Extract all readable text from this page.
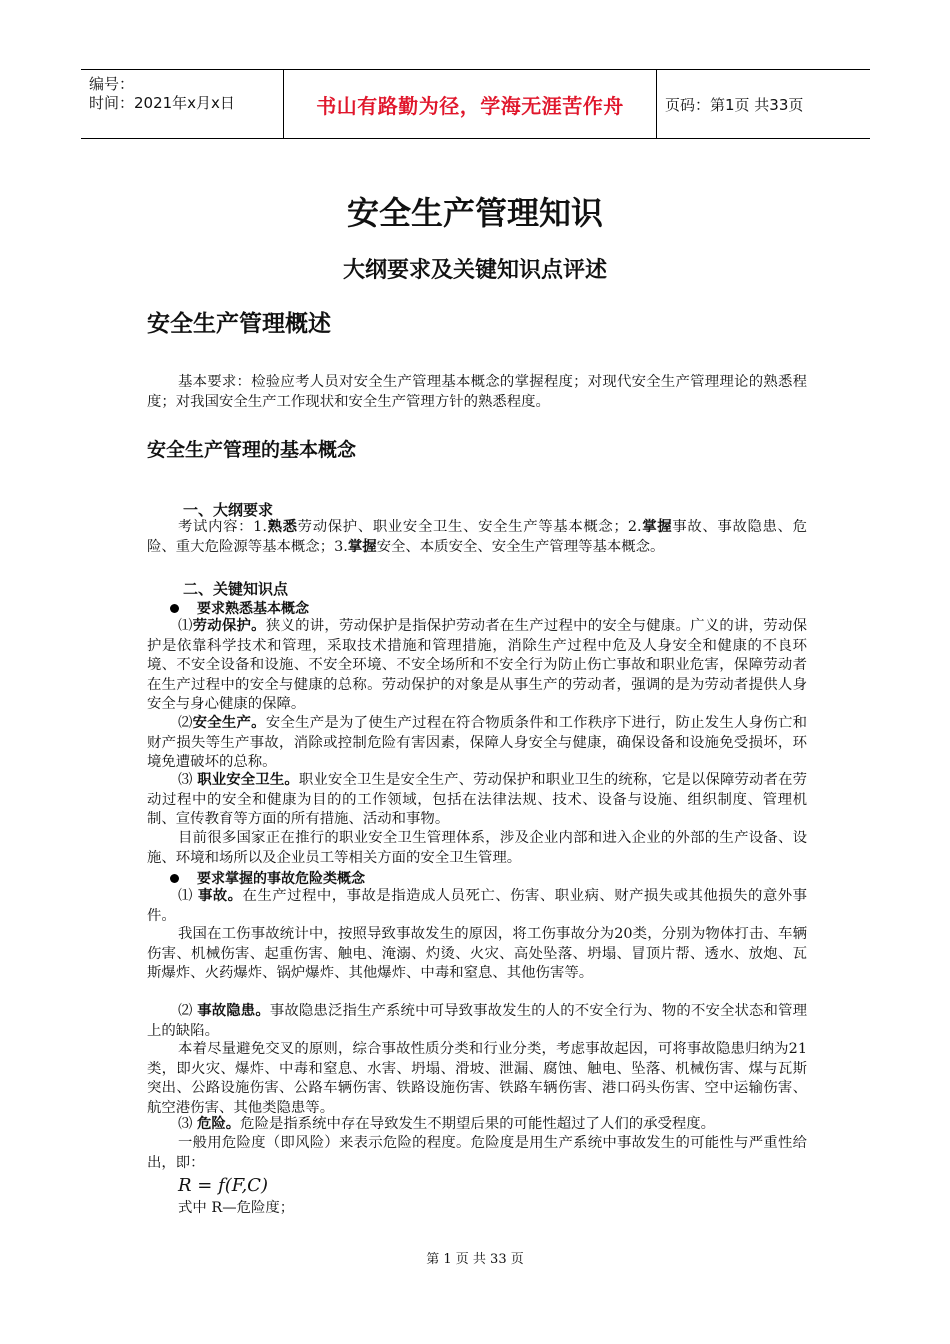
编号：
时间：2021年x月x日	书山有路勤为径，学海无涯苦作舟	页码：第1页 共33页
安全生产管理知识
大纲要求及关键知识点评述
安全生产管理概述

基本要求：检验应考人员对安全生产管理基本概念的掌握程度；对现代安全生产管理理论的熟悉程度；对我国安全生产工作现状和安全生产管理方针的熟悉程度。

安全生产管理的基本概念

一、大纲要求

考试内容：1.熟悉劳动保护、职业安全卫生、安全生产等基本概念；2.掌握事故、事故隐患、危险、重大危险源等基本概念；3.掌握安全、本质安全、安全生产管理等基本概念。

二、关键知识点

要求熟悉基本概念

⑴劳动保护。狭义的讲，劳动保护是指保护劳动者在生产过程中的安全与健康。广义的讲，劳动保护是依靠科学技术和管理，采取技术措施和管理措施，消除生产过程中危及人身安全和健康的不良环境、不安全设备和设施、不安全环境、不安全场所和不安全行为防止伤亡事故和职业危害，保障劳动者在生产过程中的安全与健康的总称。劳动保护的对象是从事生产的劳动者，强调的是为劳动者提供人身安全与身心健康的保障。

⑵安全生产。安全生产是为了使生产过程在符合物质条件和工作秩序下进行，防止发生人身伤亡和财产损失等生产事故，消除或控制危险有害因素，保障人身安全与健康，确保设备和设施免受损坏，环境免遭破坏的总称。

⑶ 职业安全卫生。职业安全卫生是安全生产、劳动保护和职业卫生的统称，它是以保障劳动者在劳动过程中的安全和健康为目的的工作领域，包括在法律法规、技术、设备与设施、组织制度、管理机制、宣传教育等方面的所有措施、活动和事物。

目前很多国家正在推行的职业安全卫生管理体系，涉及企业内部和进入企业的外部的生产设备、设施、环境和场所以及企业员工等相关方面的安全卫生管理。

要求掌握的事故危险类概念

⑴ 事故。在生产过程中，事故是指造成人员死亡、伤害、职业病、财产损失或其他损失的意外事件。

我国在工伤事故统计中，按照导致事故发生的原因，将工伤事故分为20类，分别为物体打击、车辆伤害、机械伤害、起重伤害、触电、淹溺、灼烫、火灾、高处坠落、坍塌、冒顶片帮、透水、放炮、瓦斯爆炸、火药爆炸、锅炉爆炸、其他爆炸、中毒和窒息、其他伤害等。

⑵ 事故隐患。事故隐患泛指生产系统中可导致事故发生的人的不安全行为、物的不安全状态和管理上的缺陷。

本着尽量避免交叉的原则，综合事故性质分类和行业分类，考虑事故起因，可将事故隐患归纳为21类，即火灾、爆炸、中毒和窒息、水害、坍塌、滑坡、泄漏、腐蚀、触电、坠落、机械伤害、煤与瓦斯突出、公路设施伤害、公路车辆伤害、铁路设施伤害、铁路车辆伤害、港口码头伤害、空中运输伤害、航空港伤害、其他类隐患等。

⑶ 危险。危险是指系统中存在导致发生不期望后果的可能性超过了人们的承受程度。

一般用危险度（即风险）来表示危险的程度。危险度是用生产系统中事故发生的可能性与严重性给出，即：

R = f(F,C)

式中 R—危险度；

第 1 页 共 33 页
